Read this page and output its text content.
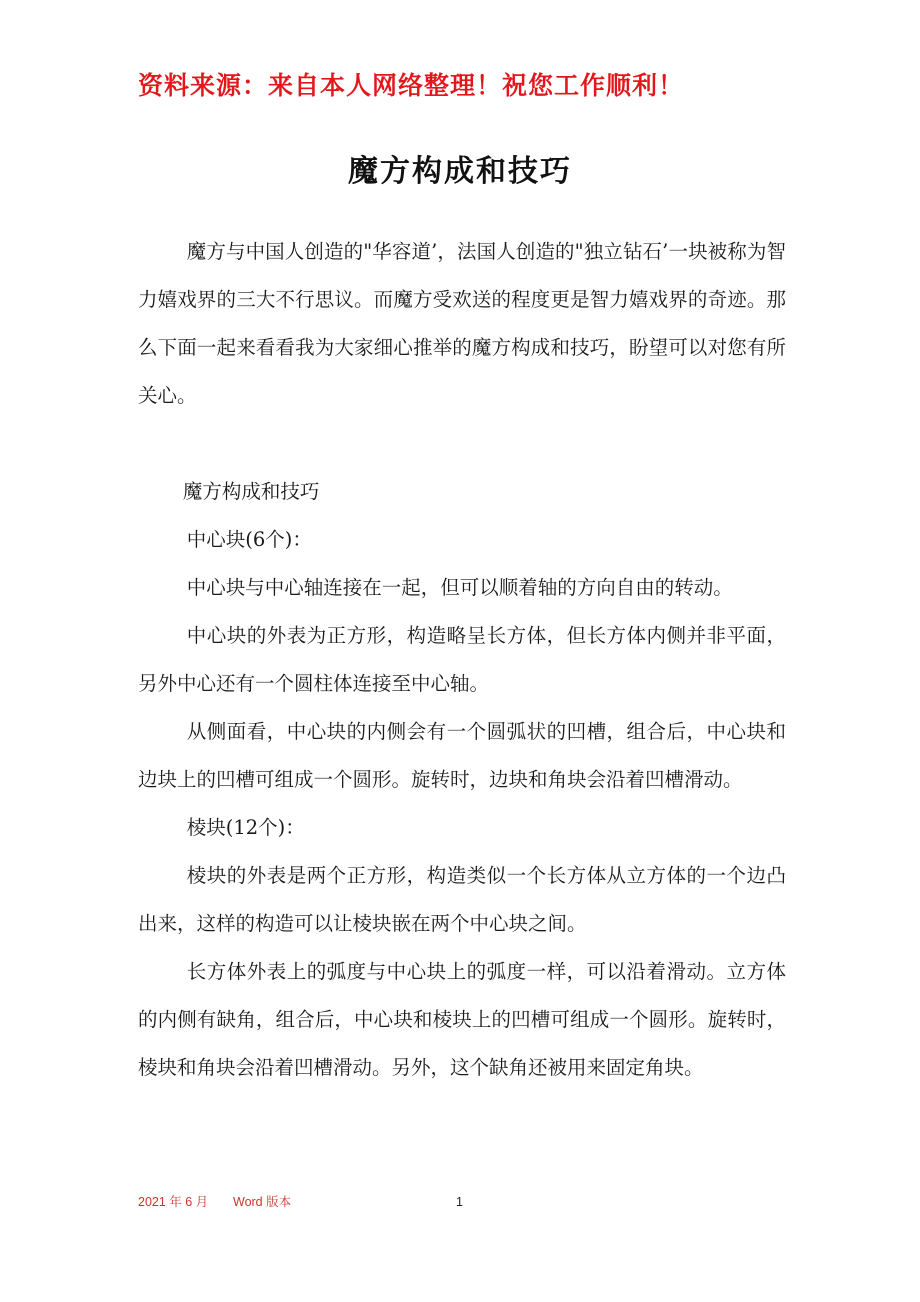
资料来源：来自本人网络整理！祝您工作顺利！
魔方构成和技巧

魔方与中国人创造的"华容道’，法国人创造的"独立钻石’一块被称为智力嬉戏界的三大不行思议。而魔方受欢送的程度更是智力嬉戏界的奇迹。那么下面一起来看看我为大家细心推举的魔方构成和技巧，盼望可以对您有所关心。

魔方构成和技巧

中心块(6个)：

中心块与中心轴连接在一起，但可以顺着轴的方向自由的转动。

中心块的外表为正方形，构造略呈长方体，但长方体内侧并非平面，另外中心还有一个圆柱体连接至中心轴。

从侧面看，中心块的内侧会有一个圆弧状的凹槽，组合后，中心块和边块上的凹槽可组成一个圆形。旋转时，边块和角块会沿着凹槽滑动。

棱块(12个)：

棱块的外表是两个正方形，构造类似一个长方体从立方体的一个边凸出来，这样的构造可以让棱块嵌在两个中心块之间。

长方体外表上的弧度与中心块上的弧度一样，可以沿着滑动。立方体的内侧有缺角，组合后，中心块和棱块上的凹槽可组成一个圆形。旋转时，棱块和角块会沿着凹槽滑动。另外，这个缺角还被用来固定角块。

2021 年 6 月 Word 版本	1
